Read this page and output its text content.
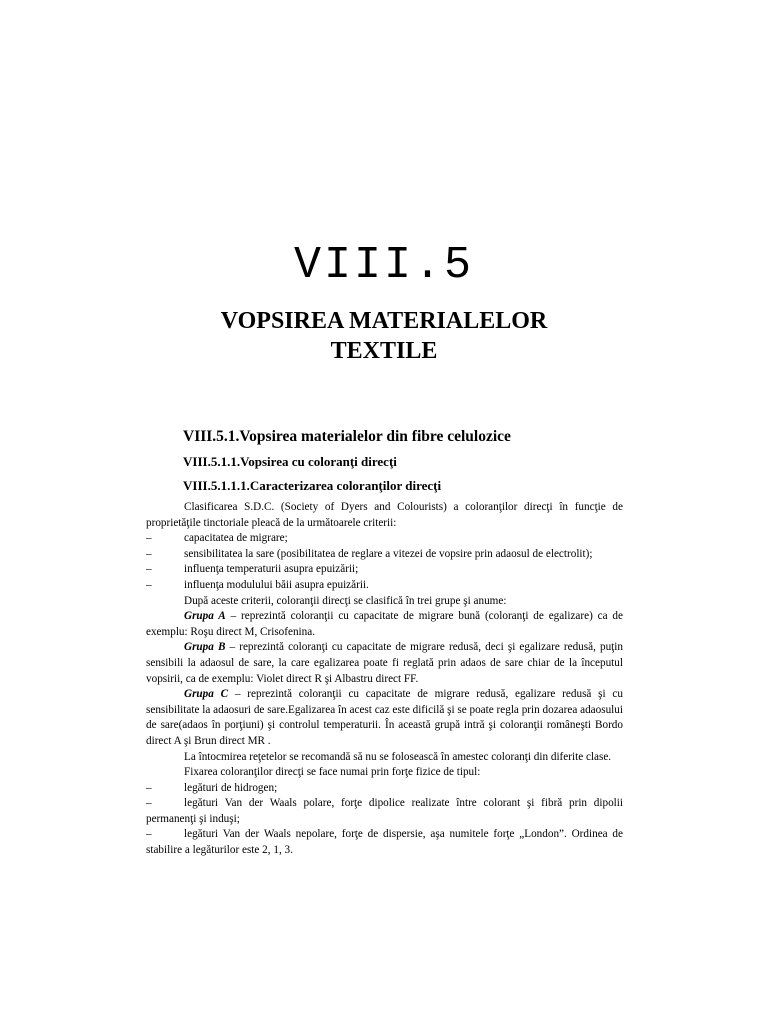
VIII.5
VOPSIREA MATERIALELOR
TEXTILE
VIII.5.1.Vopsirea materialelor din fibre celulozice
VIII.5.1.1.Vopsirea cu coloranţi direcţi
VIII.5.1.1.1.Caracterizarea coloranţilor direcţi

Clasificarea S.D.C. (Society of Dyers and Colourists) a coloranţilor direcţi în funcţie de proprietăţile tinctoriale pleacă de la următoarele criterii:

–	capacitatea de migrare;

–	sensibilitatea la sare (posibilitatea de reglare a vitezei de vopsire prin adaosul de electrolit);

–	influenţa temperaturii asupra epuizării;

–	influenţa modulului băii asupra epuizării.

După aceste criterii, coloranţii direcţi se clasifică în trei grupe şi anume:

Grupa A – reprezintă coloranţii cu capacitate de migrare bună (coloranţi de egalizare) ca de exemplu: Roşu direct M, Crisofenina.

Grupa B – reprezintă coloranţi cu capacitate de migrare redusă, deci şi egalizare redusă, puţin sensibili la adaosul de sare, la care egalizarea poate fi reglată prin adaos de sare chiar de la începutul vopsirii, ca de exemplu: Violet direct R şi Albastru direct FF.

Grupa C – reprezintă coloranţii cu capacitate de migrare redusă, egalizare redusă şi cu sensibilitate la adaosuri de sare.Egalizarea în acest caz este dificilă şi se poate regla prin dozarea adaosului de sare(adaos în porţiuni) şi controlul temperaturii. În această grupă intră şi coloranţii româneşti Bordo direct A şi Brun direct MR .

La întocmirea reţetelor se recomandă să nu se folosească în amestec coloranţi din diferite clase.

Fixarea coloranţilor direcţi se face numai prin forţe fizice de tipul:

–	legături de hidrogen;

–	legături Van der Waals polare, forţe dipolice realizate între colorant şi fibră prin dipolii permanenţi şi induşi;

–	legături Van der Waals nepolare, forţe de dispersie, aşa numitele forţe „London”. Ordinea de stabilire a legăturilor este 2, 1, 3.
